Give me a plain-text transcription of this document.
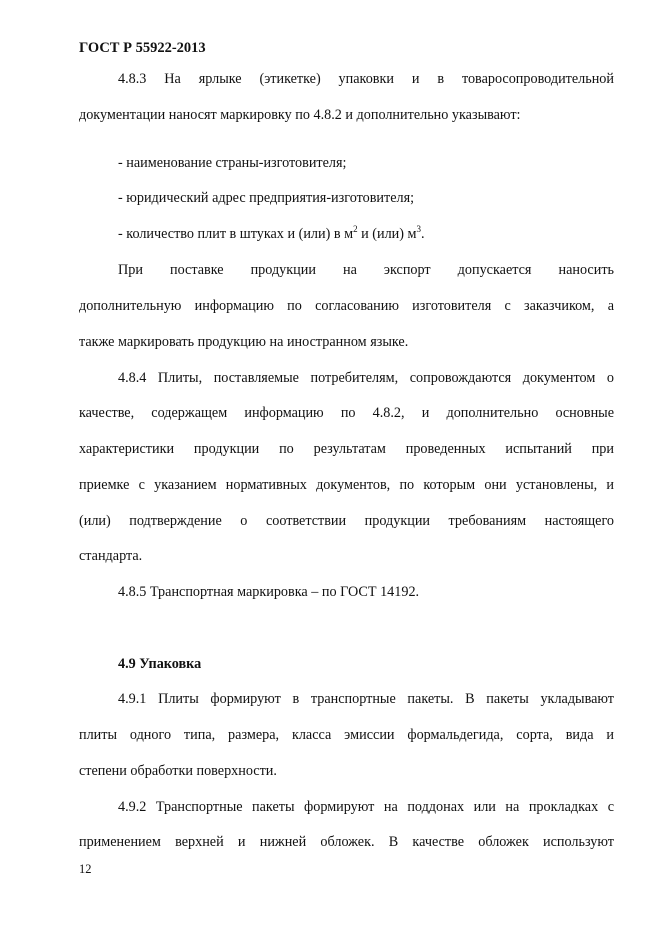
ГОСТ Р 55922-2013
4.8.3 На ярлыке (этикетке) упаковки и в товаросопроводительной
документации наносят маркировку по 4.8.2 и дополнительно указывают:
- наименование страны-изготовителя;
- юридический адрес предприятия-изготовителя;
- количество плит в штуках и (или) в $м^2$ и (или) $м^3$.
При поставке продукции на экспорт допускается наносить
дополнительную информацию по согласованию изготовителя с заказчиком, а
также маркировать продукцию на иностранном языке.
4.8.4 Плиты, поставляемые потребителям, сопровождаются документом о
качестве, содержащем информацию по 4.8.2, и дополнительно основные
характеристики продукции по результатам проведенных испытаний при
приемке с указанием нормативных документов, по которым они установлены, и
(или) подтверждение о соответствии продукции требованиям настоящего
стандарта.
4.8.5 Транспортная маркировка – по ГОСТ 14192.
4.9 Упаковка
4.9.1 Плиты формируют в транспортные пакеты. В пакеты укладывают
плиты одного типа, размера, класса эмиссии формальдегида, сорта, вида и
степени обработки поверхности.
4.9.2 Транспортные пакеты формируют на поддонах или на прокладках с
применением верхней и нижней обложек. В качестве обложек используют
12
